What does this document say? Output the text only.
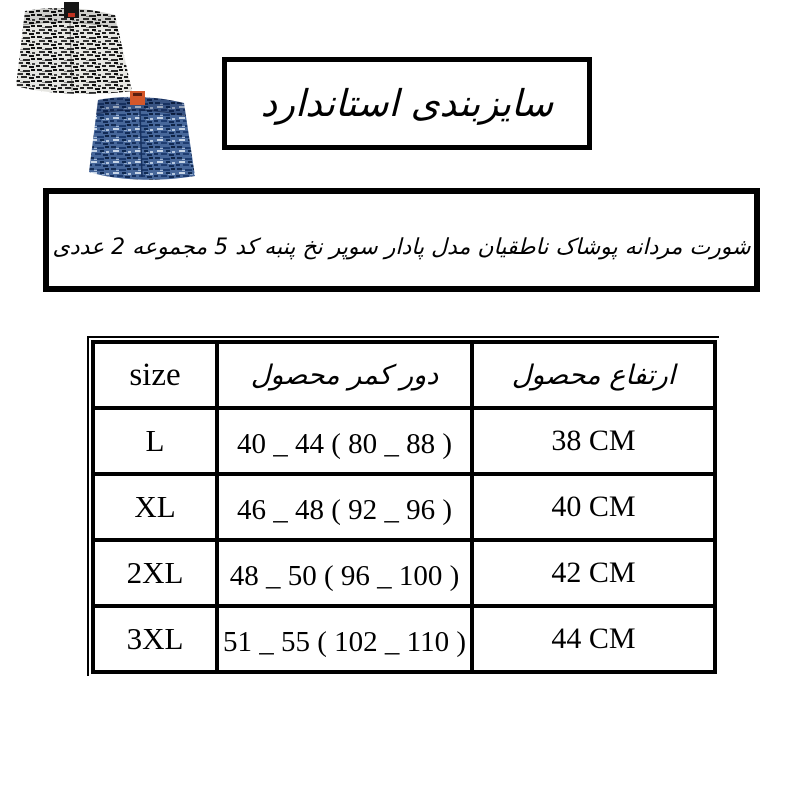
سایزبندی استاندارد
شورت مردانه پوشاک ناطقیان مدل پادار سوپر نخ پنبه کد 5 مجموعه 2 عددی
size	دور کمر محصول	ارتفاع محصول
L	40 _ 44 ( 80 _ 88 )	38 CM
XL	46 _ 48 ( 92 _ 96 )	40 CM
2XL	48 _ 50 ( 96 _ 100 )	42 CM
3XL	51 _ 55 ( 102 _ 110 )	44 CM
